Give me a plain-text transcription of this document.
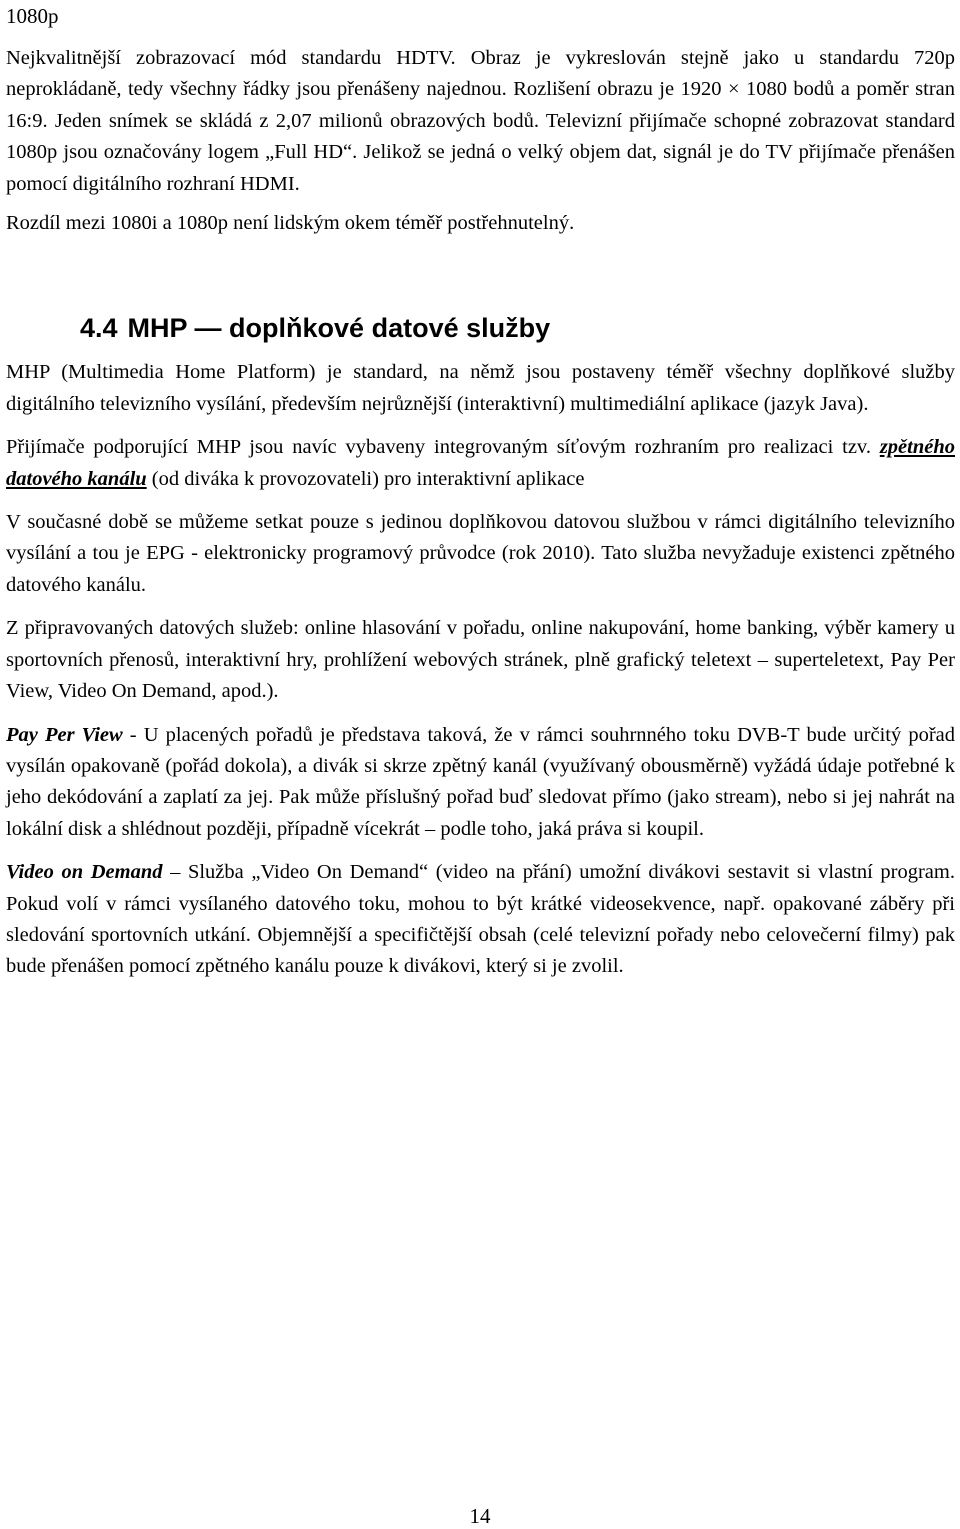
1080p

Nejkvalitnější zobrazovací mód standardu HDTV. Obraz je vykreslován stejně jako u standardu 720p neprokládaně, tedy všechny řádky jsou přenášeny najednou. Rozlišení obrazu je 1920 × 1080 bodů a poměr stran 16:9. Jeden snímek se skládá z 2,07 milionů obrazových bodů. Televizní přijímače schopné zobrazovat standard 1080p jsou označovány logem „Full HD“. Jelikož se jedná o velký objem dat, signál je do TV přijímače přenášen pomocí digitálního rozhraní HDMI.

Rozdíl mezi 1080i a 1080p není lidským okem téměř postřehnutelný.

4.4 MHP — doplňkové datové služby

MHP (Multimedia Home Platform) je standard, na němž jsou postaveny téměř všechny doplňkové služby digitálního televizního vysílání, především nejrůznější (interaktivní) multimediální aplikace (jazyk Java).

Přijímače podporující MHP jsou navíc vybaveny integrovaným síťovým rozhraním pro realizaci tzv. zpětného datového kanálu (od diváka k provozovateli) pro interaktivní aplikace

V současné době se můžeme setkat pouze s jedinou doplňkovou datovou službou v rámci digitálního televizního vysílání a tou je EPG - elektronicky programový průvodce (rok 2010). Tato služba nevyžaduje existenci zpětného datového kanálu.

Z připravovaných datových služeb: online hlasování v pořadu, online nakupování, home banking, výběr kamery u sportovních přenosů, interaktivní hry, prohlížení webových stránek, plně grafický teletext – superteletext, Pay Per View, Video On Demand, apod.).

Pay Per View - U placených pořadů je představa taková, že v rámci souhrnného toku DVB-T bude určitý pořad vysílán opakovaně (pořád dokola), a divák si skrze zpětný kanál (využívaný obousměrně) vyžádá údaje potřebné k jeho dekódování a zaplatí za jej. Pak může příslušný pořad buď sledovat přímo (jako stream), nebo si jej nahrát na lokální disk a shlédnout později, případně vícekrát – podle toho, jaká práva si koupil.

Video on Demand – Služba „Video On Demand“ (video na přání) umožní divákovi sestavit si vlastní program. Pokud volí v rámci vysílaného datového toku, mohou to být krátké videosekvence, např. opakované záběry při sledování sportovních utkání. Objemnější a specifičtější obsah (celé televizní pořady nebo celovečerní filmy) pak bude přenášen pomocí zpětného kanálu pouze k divákovi, který si je zvolil.

14
